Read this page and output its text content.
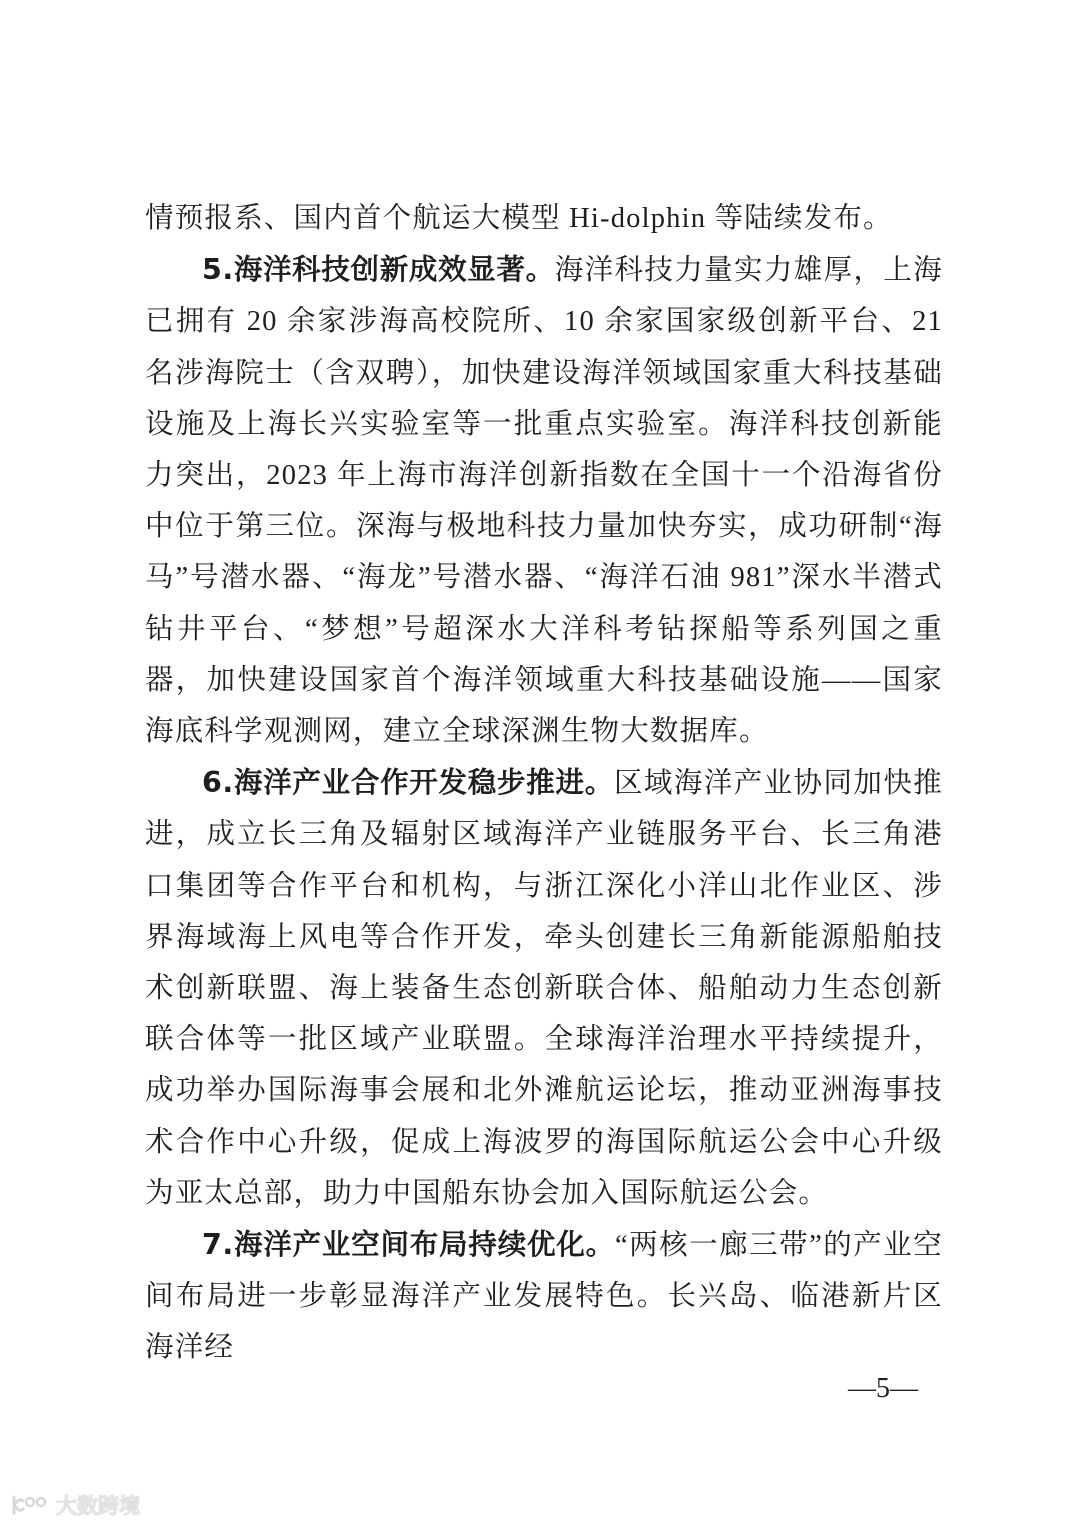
情预报系、国内首个航运大模型 Hi-dolphin 等陆续发布。

5.海洋科技创新成效显著。海洋科技力量实力雄厚，上海已拥有 20 余家涉海高校院所、10 余家国家级创新平台、21 名涉海院士（含双聘），加快建设海洋领域国家重大科技基础设施及上海长兴实验室等一批重点实验室。海洋科技创新能力突出，2023 年上海市海洋创新指数在全国十一个沿海省份中位于第三位。深海与极地科技力量加快夯实，成功研制“海马”号潜水器、“海龙”号潜水器、“海洋石油 981”深水半潜式钻井平台、“梦想”号超深水大洋科考钻探船等系列国之重器，加快建设国家首个海洋领域重大科技基础设施——国家海底科学观测网，建立全球深渊生物大数据库。

6.海洋产业合作开发稳步推进。区域海洋产业协同加快推进，成立长三角及辐射区域海洋产业链服务平台、长三角港口集团等合作平台和机构，与浙江深化小洋山北作业区、涉界海域海上风电等合作开发，牵头创建长三角新能源船舶技术创新联盟、海上装备生态创新联合体、船舶动力生态创新联合体等一批区域产业联盟。全球海洋治理水平持续提升，成功举办国际海事会展和北外滩航运论坛，推动亚洲海事技术合作中心升级，促成上海波罗的海国际航运公会中心升级为亚太总部，助力中国船东协会加入国际航运公会。

7.海洋产业空间布局持续优化。“两核一廊三带”的产业空间布局进一步彰显海洋产业发展特色。长兴岛、临港新片区海洋经

—5—
大数跨境
